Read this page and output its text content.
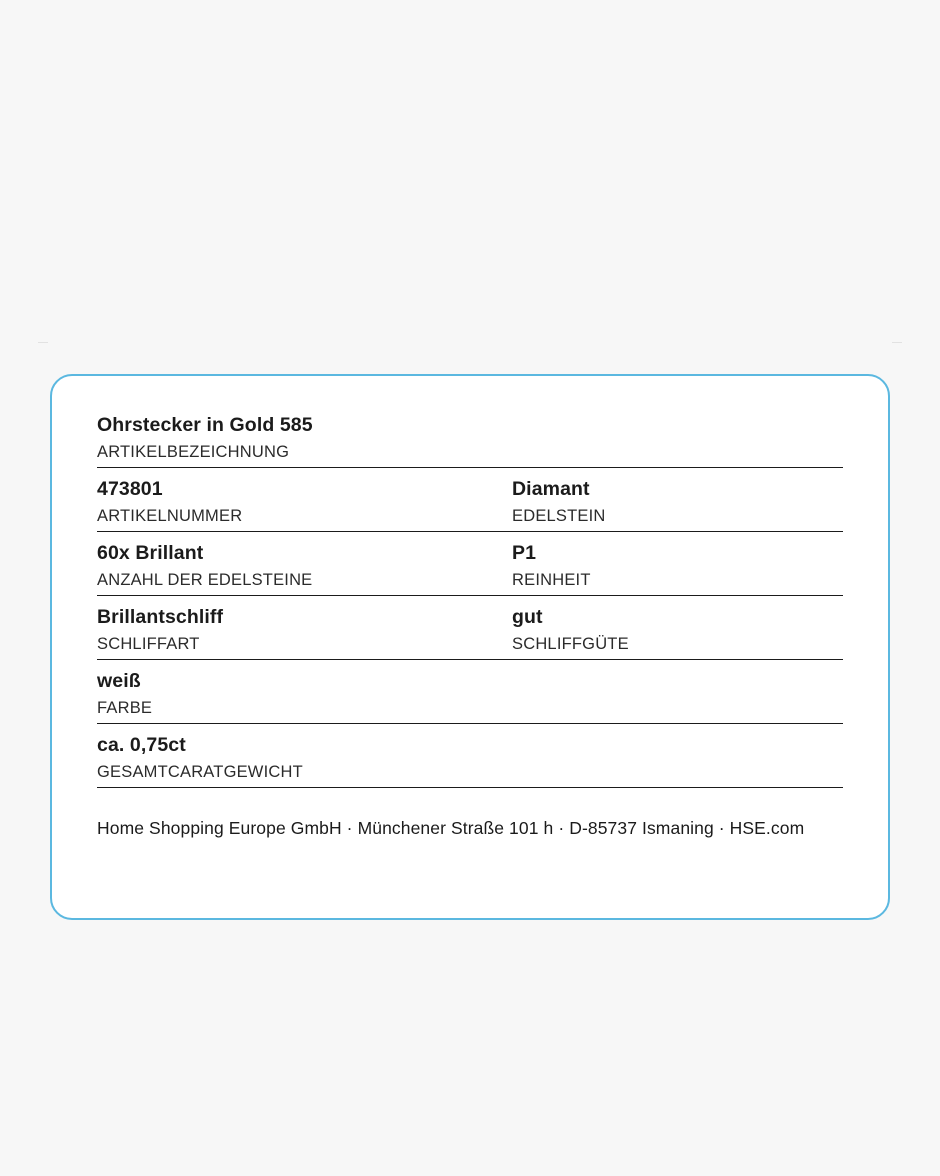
Ohrstecker in Gold 585
ARTIKELBEZEICHNUNG
473801	Diamant
ARTIKELNUMMER	EDELSTEIN
60x Brillant	P1
ANZAHL DER EDELSTEINE	REINHEIT
Brillantschliff	gut
SCHLIFFART	SCHLIFFGÜTE
weiß
FARBE
ca. 0,75ct
GESAMTCARATGEWICHT
Home Shopping Europe GmbH · Münchener Straße 101 h · D-85737 Ismaning · HSE.com
